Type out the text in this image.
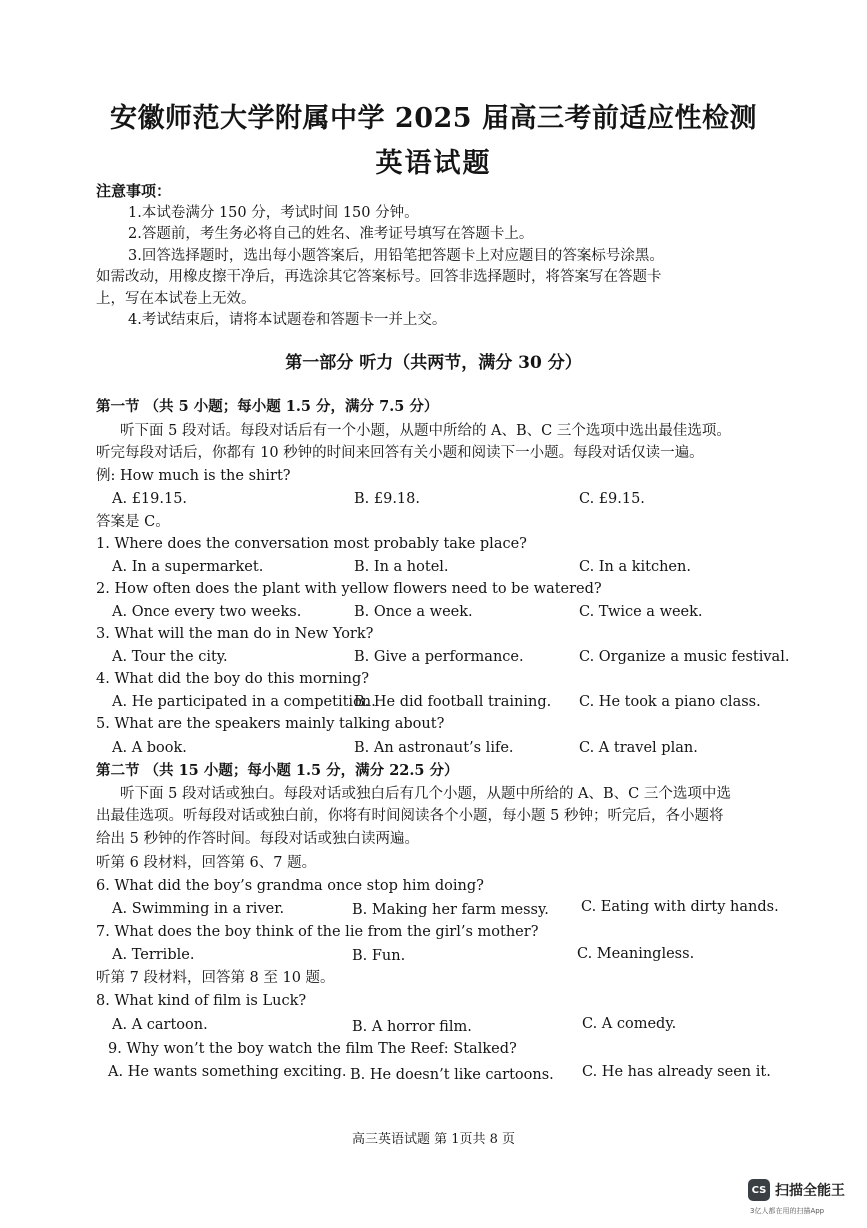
安徽师范大学附属中学 2025 届高三考前适应性检测
英语试题
注意事项：
1.本试卷满分 150 分，考试时间 150 分钟。
2.答题前，考生务必将自己的姓名、准考证号填写在答题卡上。
3.回答选择题时，选出每小题答案后，用铅笔把答题卡上对应题目的答案标号涂黑。
如需改动，用橡皮擦干净后，再选涂其它答案标号。回答非选择题时，将答案写在答题卡
上，写在本试卷上无效。
4.考试结束后，请将本试题卷和答题卡一并上交。
第一部分 听力（共两节，满分 30 分）
第一节 （共 5 小题；每小题 1.5 分，满分 7.5 分）
听下面 5 段对话。每段对话后有一个小题，从题中所给的 A、B、C 三个选项中选出最佳选项。
听完每段对话后，你都有 10 秒钟的时间来回答有关小题和阅读下一小题。每段对话仅读一遍。
例: How much is the shirt?
A. £19.15.	B. £9.18.	C. £9.15.
答案是 C。
1. Where does the conversation most probably take place?
A. In a supermarket.	B. In a hotel.	C. In a kitchen.
2. How often does the plant with yellow flowers need to be watered?
A. Once every two weeks.	B. Once a week.	C. Twice a week.
3. What will the man do in New York?
A. Tour the city.	B. Give a performance.	C. Organize a music festival.
4. What did the boy do this morning?
A. He participated in a competition.
B. He did football training. C. He took a piano class.
5. What are the speakers mainly talking about?
A. A book.	B. An astronaut’s life.	C. A travel plan.
第二节 （共 15 小题；每小题 1.5 分，满分 22.5 分）
听下面 5 段对话或独白。每段对话或独白后有几个小题，从题中所给的 A、B、C 三个选项中选
出最佳选项。听每段对话或独白前，你将有时间阅读各个小题，每小题 5 秒钟；听完后，各小题将
给出 5 秒钟的作答时间。每段对话或独白读两遍。
听第 6 段材料，回答第 6、7 题。
6. What did the boy’s grandma once stop him doing?
A. Swimming in a river.	B. Making her farm messy. C. Eating with dirty hands.
7. What does the boy think of the lie from the girl’s mother?
A. Terrible.	B. Fun.	C. Meaningless.
听第 7 段材料，回答第 8 至 10 题。
8. What kind of film is Luck?
A. A cartoon.	B. A horror film.	C. A comedy.
9. Why won’t the boy watch the film The Reef: Stalked?
A. He wants something exciting. B. He doesn’t like cartoons. C. He has already seen it.
高三英语试题 第 1页共 8 页
CS 扫描全能王
3亿人都在用的扫描App
